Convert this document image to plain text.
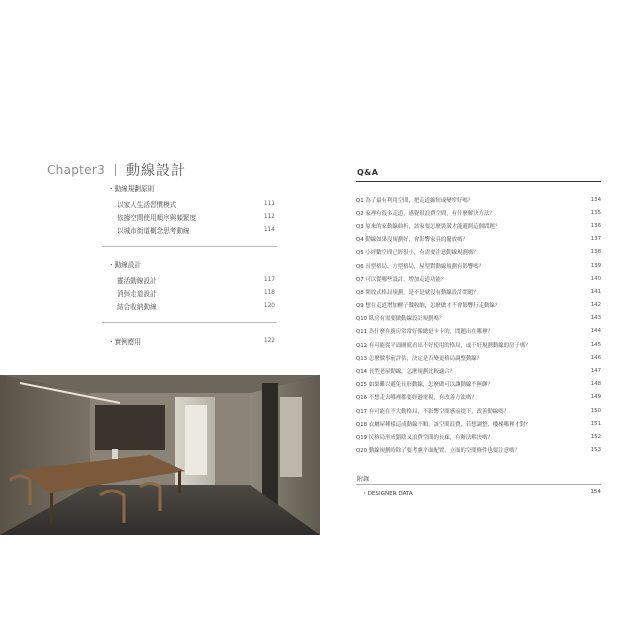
Chapter3 動線設計
・動線規劃原則
以家人生活習慣模式	111
依據空間使用順序與頻繁度	112
以城市街道概念思考動線	114
・動線設計
靈活動線設計	117
消弭走道設計	118
結合收納動線	120
・實例應用	122
Q&A
Q1 為了最有利用空間，把走道縮短或變窄好嗎？	134
Q2 家裡有很多走道，感覺很浪費空間，有什麼解決方法？	135
Q3 原來的家動線曲折，該家要怎麼裝潢才能避開這個問題？	136
Q4 動線如果沒規劃好，會影響家具的擺放嗎？	137
Q5 小坪數空間已經很小，有需要注意動線規劃嗎？	138
Q6 長型格局、方型格局，屋型對動線規劃有影響嗎？	139
Q7 可以從哪些設計，增加走道功能？	140
Q8 開放式格局規劃，是不是就沒有動線設計問題？	141
Q9 想在走道增加櫃子做收納，怎麼做才不會影響行走動線？	142
Q10 臥房有需要做動線設計規劃嗎？	143
Q11 為什麼在廚房常常好像總是卡卡的，問題出在哪裡？	144
Q12 有可能從平面圖就看出不好使用的格局，或不好規劃動線的房子嗎？	145
Q13 怎麼做事前評估，決定是否變更格局調整動線？	146
Q14 長型老屋動線，怎麼規劃比較適合？	147
Q15 如果難以避免長形動線，怎麼做可以讓動線不無聊？	148
Q16 不想走去哪裡都要經過電視，有改善方法嗎？	149
Q17 有可能在不大動格局，不影響空間感前提下，改善動線嗎？	150
Q18 衣屬屋種樣這成動線不順，該空間浪費，若想調整，樓梯哪裡才對？	151
Q19 民格局形成錯陰又浪費空間的長廊，有辦法解決嗎？	152
Q20 動線規劃時除了要考慮平面配置，立面的空間條件也要注意嗎？	153
附錄
・DESIGNER DATA	154
